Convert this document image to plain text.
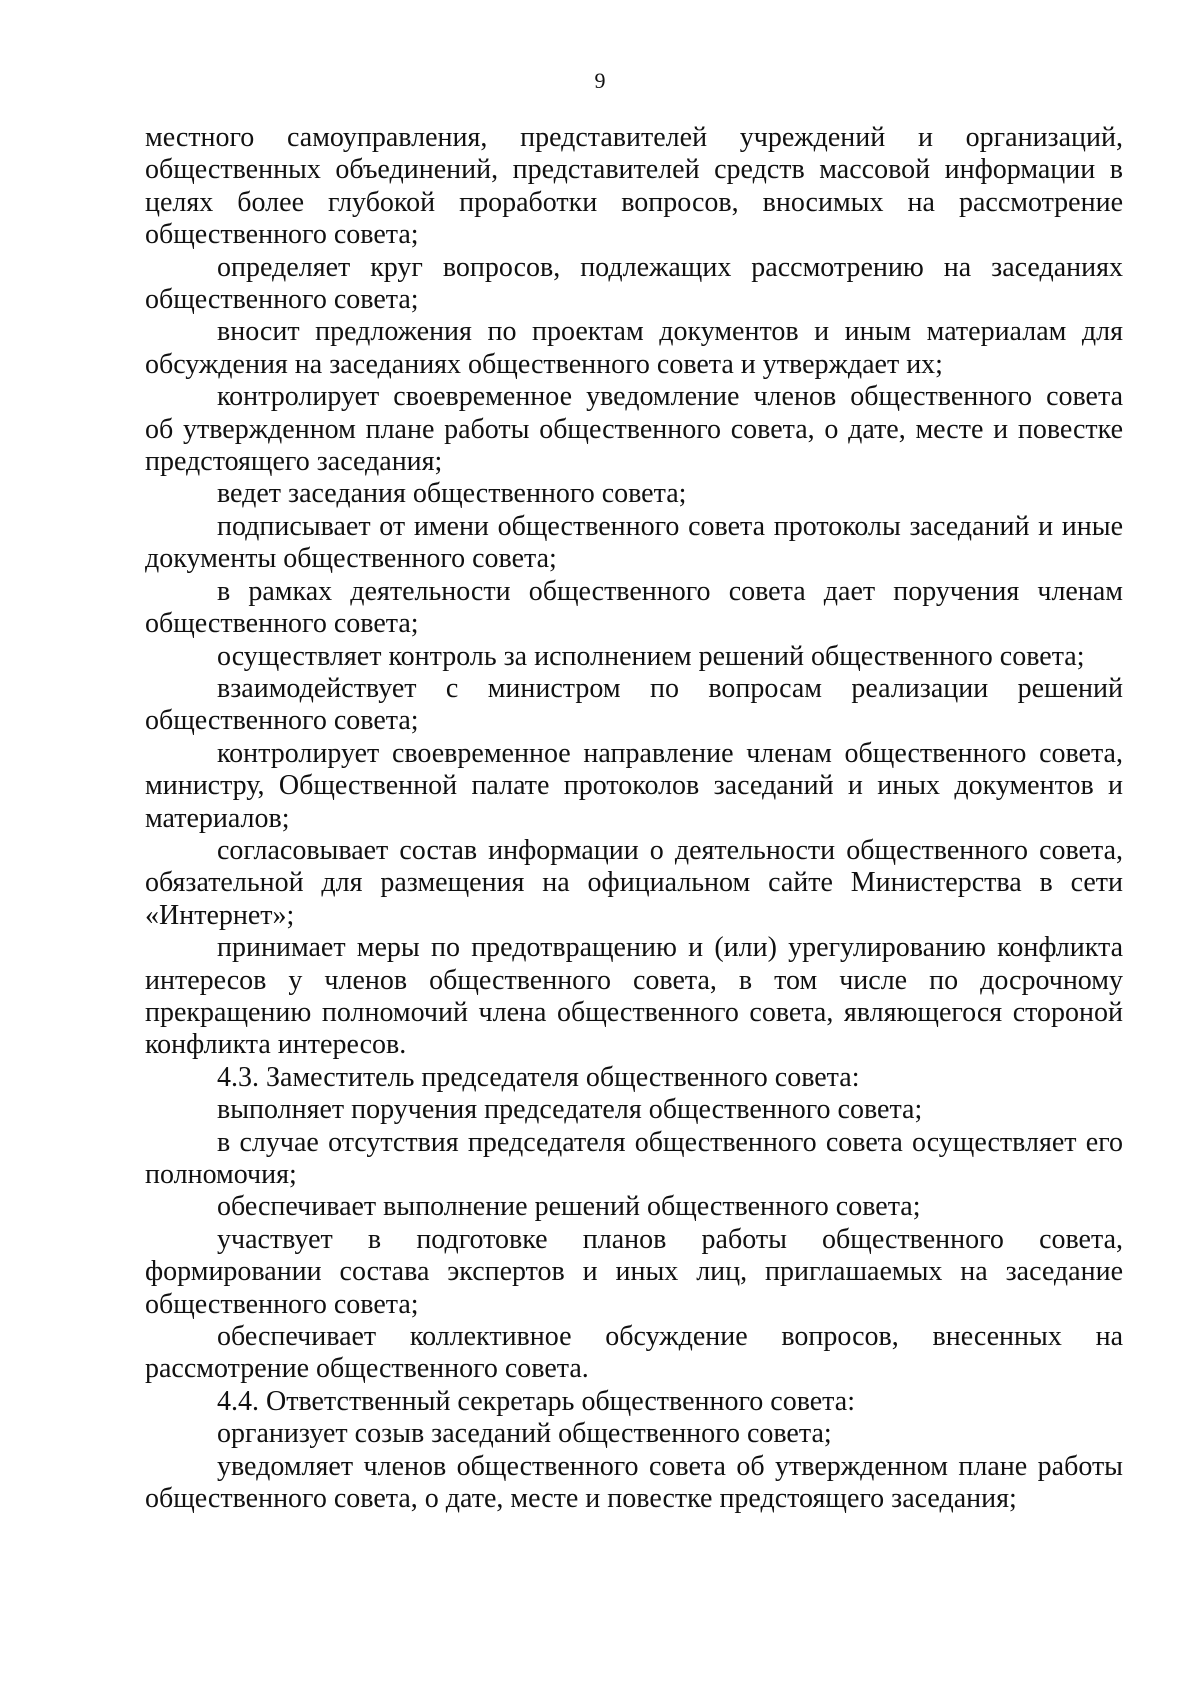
9

местного самоуправления, представителей учреждений и организаций, общественных объединений, представителей средств массовой информации в целях более глубокой проработки вопросов, вносимых на рассмотрение общественного совета;

определяет круг вопросов, подлежащих рассмотрению на заседаниях общественного совета;

вносит предложения по проектам документов и иным материалам для обсуждения на заседаниях общественного совета и утверждает их;

контролирует своевременное уведомление членов общественного совета об утвержденном плане работы общественного совета, о дате, месте и повестке предстоящего заседания;

ведет заседания общественного совета;

подписывает от имени общественного совета протоколы заседаний и иные документы общественного совета;

в рамках деятельности общественного совета дает поручения членам общественного совета;

осуществляет контроль за исполнением решений общественного совета;

взаимодействует с министром по вопросам реализации решений общественного совета;

контролирует своевременное направление членам общественного совета, министру, Общественной палате протоколов заседаний и иных документов и материалов;

согласовывает состав информации о деятельности общественного совета, обязательной для размещения на официальном сайте Министерства в сети «Интернет»;

принимает меры по предотвращению и (или) урегулированию конфликта интересов у членов общественного совета, в том числе по досрочному прекращению полномочий члена общественного совета, являющегося стороной конфликта интересов.

4.3. Заместитель председателя общественного совета:

выполняет поручения председателя общественного совета;

в случае отсутствия председателя общественного совета осуществляет его полномочия;

обеспечивает выполнение решений общественного совета;

участвует в подготовке планов работы общественного совета, формировании состава экспертов и иных лиц, приглашаемых на заседание общественного совета;

обеспечивает коллективное обсуждение вопросов, внесенных на рассмотрение общественного совета.

4.4. Ответственный секретарь общественного совета:

организует созыв заседаний общественного совета;

уведомляет членов общественного совета об утвержденном плане работы общественного совета, о дате, месте и повестке предстоящего заседания;
